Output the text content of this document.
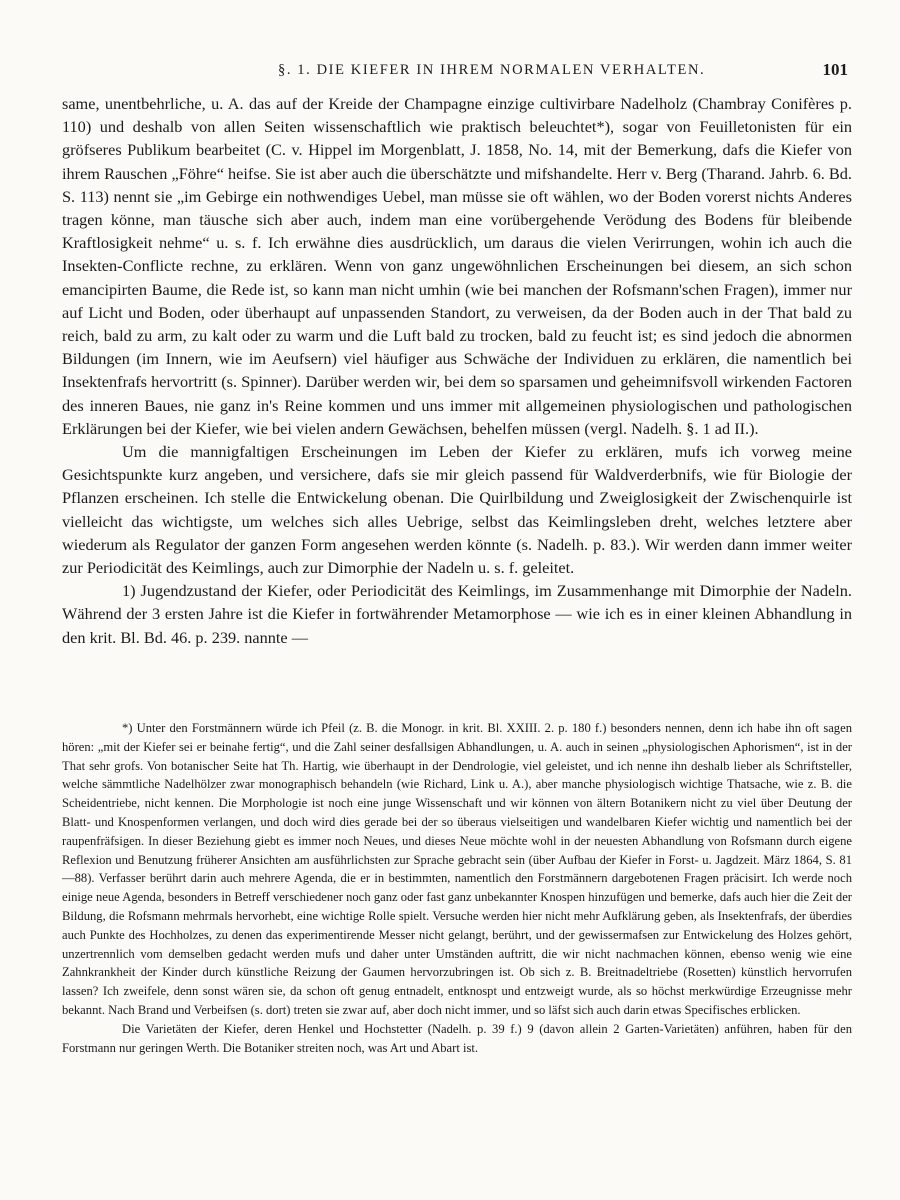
§. 1. DIE KIEFER IN IHREM NORMALEN VERHALTEN.	101

same, unentbehrliche, u. A. das auf der Kreide der Champagne einzige cultivirbare Nadelholz (Chambray Conifères p. 110) und deshalb von allen Seiten wissenschaftlich wie praktisch beleuchtet*), sogar von Feuilletonisten für ein gröfseres Publikum bearbeitet (C. v. Hippel im Morgenblatt, J. 1858, No. 14, mit der Bemerkung, dafs die Kiefer von ihrem Rauschen „Föhre“ heifse. Sie ist aber auch die überschätzte und mifshandelte. Herr v. Berg (Tharand. Jahrb. 6. Bd. S. 113) nennt sie „im Gebirge ein nothwendiges Uebel, man müsse sie oft wählen, wo der Boden vorerst nichts Anderes tragen könne, man täusche sich aber auch, indem man eine vorübergehende Verödung des Bodens für bleibende Kraftlosigkeit nehme“ u. s. f. Ich erwähne dies ausdrücklich, um daraus die vielen Verirrungen, wohin ich auch die Insekten-Conflicte rechne, zu erklären. Wenn von ganz ungewöhnlichen Erscheinungen bei diesem, an sich schon emancipirten Baume, die Rede ist, so kann man nicht umhin (wie bei manchen der Rofsmann'schen Fragen), immer nur auf Licht und Boden, oder überhaupt auf unpassenden Standort, zu verweisen, da der Boden auch in der That bald zu reich, bald zu arm, zu kalt oder zu warm und die Luft bald zu trocken, bald zu feucht ist; es sind jedoch die abnormen Bildungen (im Innern, wie im Aeufsern) viel häufiger aus Schwäche der Individuen zu erklären, die namentlich bei Insektenfrafs hervortritt (s. Spinner). Darüber werden wir, bei dem so sparsamen und geheimnifsvoll wirkenden Factoren des inneren Baues, nie ganz in's Reine kommen und uns immer mit allgemeinen physiologischen und pathologischen Erklärungen bei der Kiefer, wie bei vielen andern Gewächsen, behelfen müssen (vergl. Nadelh. §. 1 ad II.).

Um die mannigfaltigen Erscheinungen im Leben der Kiefer zu erklären, mufs ich vorweg meine Gesichtspunkte kurz angeben, und versichere, dafs sie mir gleich passend für Waldverderbnifs, wie für Biologie der Pflanzen erscheinen. Ich stelle die Entwickelung obenan. Die Quirlbildung und Zweiglosigkeit der Zwischenquirle ist vielleicht das wichtigste, um welches sich alles Uebrige, selbst das Keimlingsleben dreht, welches letztere aber wiederum als Regulator der ganzen Form angesehen werden könnte (s. Nadelh. p. 83.). Wir werden dann immer weiter zur Periodicität des Keimlings, auch zur Dimorphie der Nadeln u. s. f. geleitet.

1) Jugendzustand der Kiefer, oder Periodicität des Keimlings, im Zusammenhange mit Dimorphie der Nadeln. Während der 3 ersten Jahre ist die Kiefer in fortwährender Metamorphose — wie ich es in einer kleinen Abhandlung in den krit. Bl. Bd. 46. p. 239. nannte —

*) Unter den Forstmännern würde ich Pfeil (z. B. die Monogr. in krit. Bl. XXIII. 2. p. 180 f.) besonders nennen, denn ich habe ihn oft sagen hören: „mit der Kiefer sei er beinahe fertig“, und die Zahl seiner desfallsigen Abhandlungen, u. A. auch in seinen „physiologischen Aphorismen“, ist in der That sehr grofs. Von botanischer Seite hat Th. Hartig, wie überhaupt in der Dendrologie, viel geleistet, und ich nenne ihn deshalb lieber als Schriftsteller, welche sämmtliche Nadelhölzer zwar monographisch behandeln (wie Richard, Link u. A.), aber manche physiologisch wichtige Thatsache, wie z. B. die Scheidentriebe, nicht kennen. Die Morphologie ist noch eine junge Wissenschaft und wir können von ältern Botanikern nicht zu viel über Deutung der Blatt- und Knospenformen verlangen, und doch wird dies gerade bei der so überaus vielseitigen und wandelbaren Kiefer wichtig und namentlich bei der raupenfräfsigen. In dieser Beziehung giebt es immer noch Neues, und dieses Neue möchte wohl in der neuesten Abhandlung von Rofsmann durch eigene Reflexion und Benutzung früherer Ansichten am ausführlichsten zur Sprache gebracht sein (über Aufbau der Kiefer in Forst- u. Jagdzeit. März 1864, S. 81—88). Verfasser berührt darin auch mehrere Agenda, die er in bestimmten, namentlich den Forstmännern dargebotenen Fragen präcisirt. Ich werde noch einige neue Agenda, besonders in Betreff verschiedener noch ganz oder fast ganz unbekannter Knospen hinzufügen und bemerke, dafs auch hier die Zeit der Bildung, die Rofsmann mehrmals hervorhebt, eine wichtige Rolle spielt. Versuche werden hier nicht mehr Aufklärung geben, als Insektenfrafs, der überdies auch Punkte des Hochholzes, zu denen das experimentirende Messer nicht gelangt, berührt, und der gewissermafsen zur Entwickelung des Holzes gehört, unzertrennlich vom demselben gedacht werden mufs und daher unter Umständen auftritt, die wir nicht nachmachen können, ebenso wenig wie eine Zahnkrankheit der Kinder durch künstliche Reizung der Gaumen hervorzubringen ist. Ob sich z. B. Breitnadeltriebe (Rosetten) künstlich hervorrufen lassen? Ich zweifele, denn sonst wären sie, da schon oft genug entnadelt, entknospt und entzweigt wurde, als so höchst merkwürdige Erzeugnisse mehr bekannt. Nach Brand und Verbeifsen (s. dort) treten sie zwar auf, aber doch nicht immer, und so läfst sich auch darin etwas Specifisches erblicken.

Die Varietäten der Kiefer, deren Henkel und Hochstetter (Nadelh. p. 39 f.) 9 (davon allein 2 Garten-Varietäten) anführen, haben für den Forstmann nur geringen Werth. Die Botaniker streiten noch, was Art und Abart ist.
